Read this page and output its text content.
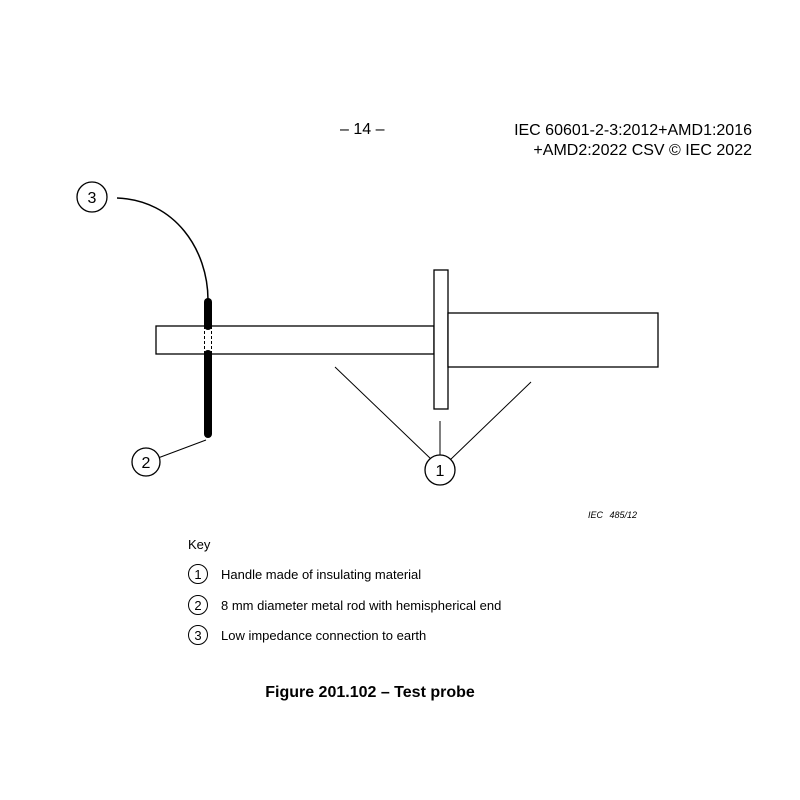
– 14 –	IEC 60601-2-3:2012+AMD1:2016
+AMD2:2022 CSV © IEC 2022
3
2	1
IEC 485/12
Key
1	Handle made of insulating material
2	8 mm diameter metal rod with hemispherical end
3	Low impedance connection to earth
Figure 201.102 – Test probe
